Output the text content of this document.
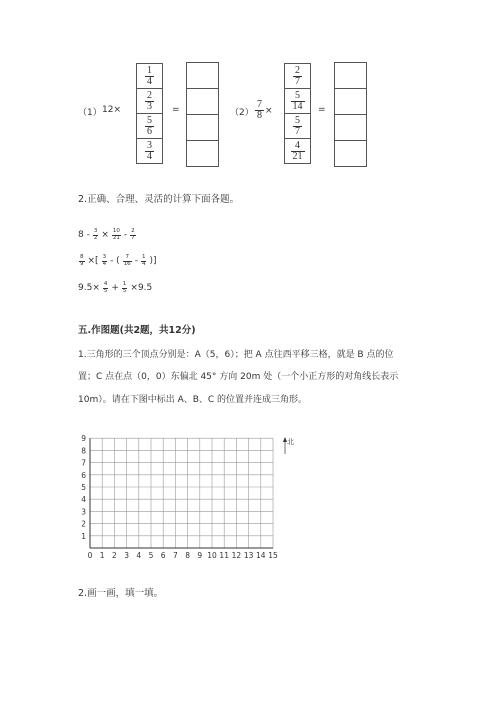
（1） 12×
$\frac{1}{4}$
$\frac{2}{3}$
$\frac{5}{6}$
$\frac{3}{4}$
=	$(2) \frac{7}{8}$ ×
$\frac{2}{7}$
$\frac{5}{14}$
$\frac{5}{7}$
$\frac{4}{21}$
=
2.正确、合理、灵活的计算下面各题。
$8 - \frac{3}{2} \times \frac{10}{21} - \frac{2}{7}$
$\frac{8}{9}$ ×[ $\frac{3}{4}$ - ( $\frac{7}{16} - \frac{1}{4}$ )]
$9.5\times \frac{4}{5} + \frac{1}{5} \times 9.5$
五.作图题(共2题，共12分)
1.三角形的三个顶点分别是：A（5，6）；把 A 点往西平移三格，就是 B 点的位
置；C 点在点（0，0）东偏北 45° 方向 20m 处（一个小正方形的对角线长表示
10m）。请在下图中标出 A、B、C 的位置并连成三角形。
0 1 2 3 4 5 6 7 8 9 10 11 12 13 14 15
1
2
3
4
5
6
7
8
9	北
2.画一画，填一填。
